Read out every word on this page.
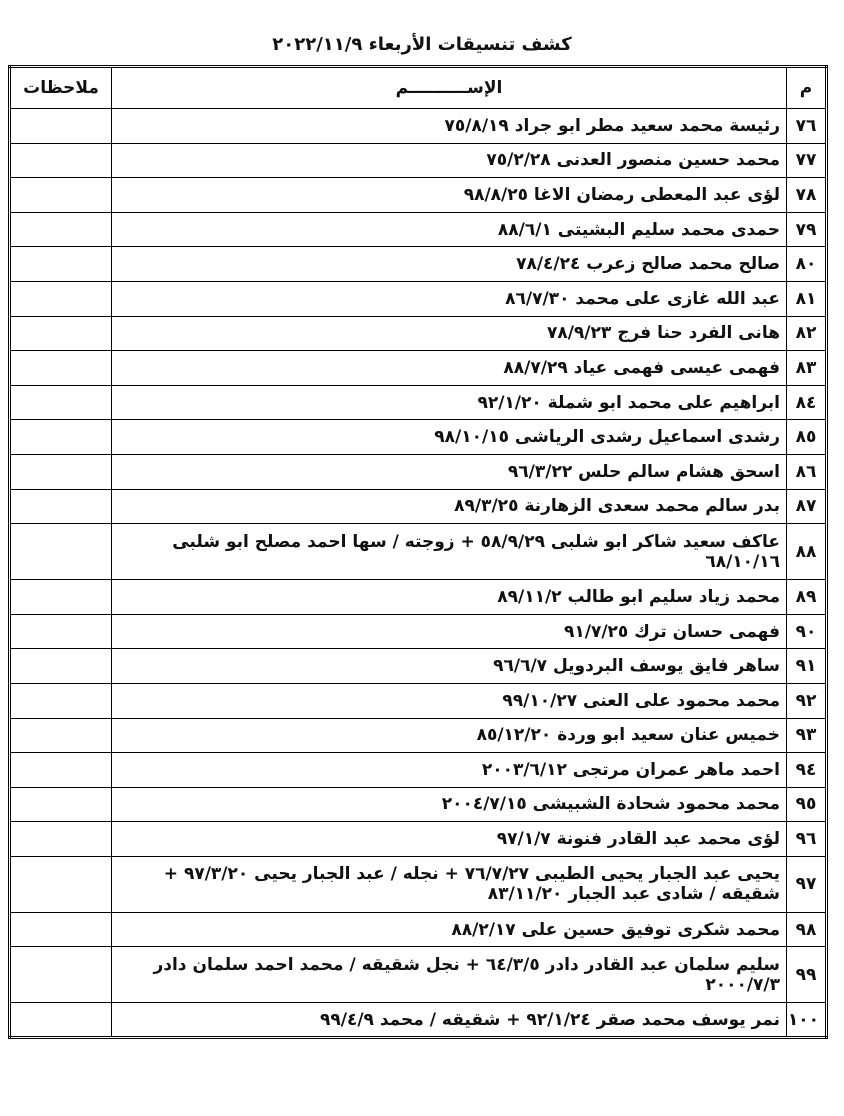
كشف تنسيقات الأربعاء ٢٠٢٢/١١/٩
م	الإســــــــــم	ملاحظات
٧٦	رئيسة محمد سعيد مطر ابو جراد ٧٥/٨/١٩	
٧٧	محمد حسين منصور العدنى ٧٥/٢/٢٨	
٧٨	لؤى عبد المعطى رمضان الاغا ٩٨/٨/٢٥	
٧٩	حمدى محمد سليم البشيتى ٨٨/٦/١	
٨٠	صالح محمد صالح زعرب ٧٨/٤/٢٤	
٨١	عبد الله غازى على محمد ٨٦/٧/٣٠	
٨٢	هانى الفرد حنا فرج ٧٨/٩/٢٣	
٨٣	فهمى عيسى فهمى عياد ٨٨/٧/٢٩	
٨٤	ابراهيم على محمد ابو شملة ٩٢/١/٢٠	
٨٥	رشدى اسماعيل رشدى الرياشى ٩٨/١٠/١٥	
٨٦	اسحق هشام سالم حلس ٩٦/٣/٢٢	
٨٧	بدر سالم محمد سعدى الزهارنة ٨٩/٣/٢٥	
٨٨	عاكف سعيد شاكر ابو شلبى ٥٨/٩/٢٩ + زوجته / سها احمد مصلح ابو شلبى ٦٨/١٠/١٦	
٨٩	محمد زياد سليم ابو طالب ٨٩/١١/٢	
٩٠	فهمى حسان ترك ٩١/٧/٢٥	
٩١	ساهر فايق يوسف البردويل ٩٦/٦/٧	
٩٢	محمد محمود على العنى ٩٩/١٠/٢٧	
٩٣	خميس عنان سعيد ابو وردة ٨٥/١٢/٢٠	
٩٤	احمد ماهر عمران مرتجى ٢٠٠٣/٦/١٢	
٩٥	محمد محمود شحادة الشبيشى ٢٠٠٤/٧/١٥	
٩٦	لؤى محمد عبد القادر فنونة ٩٧/١/٧	
٩٧	يحيى عبد الجبار يحيى الطيبى ٧٦/٧/٢٧ + نجله / عبد الجبار يحيى ٩٧/٣/٢٠ + شقيقه / شادى عبد الجبار ٨٣/١١/٢٠	
٩٨	محمد شكرى توفيق حسين على ٨٨/٢/١٧	
٩٩	سليم سلمان عبد القادر دادر ٦٤/٣/٥ + نجل شقيقه / محمد احمد سلمان دادر ٢٠٠٠/٧/٣	
١٠٠	نمر يوسف محمد صقر ٩٢/١/٢٤ + شقيقه / محمد ٩٩/٤/٩	
